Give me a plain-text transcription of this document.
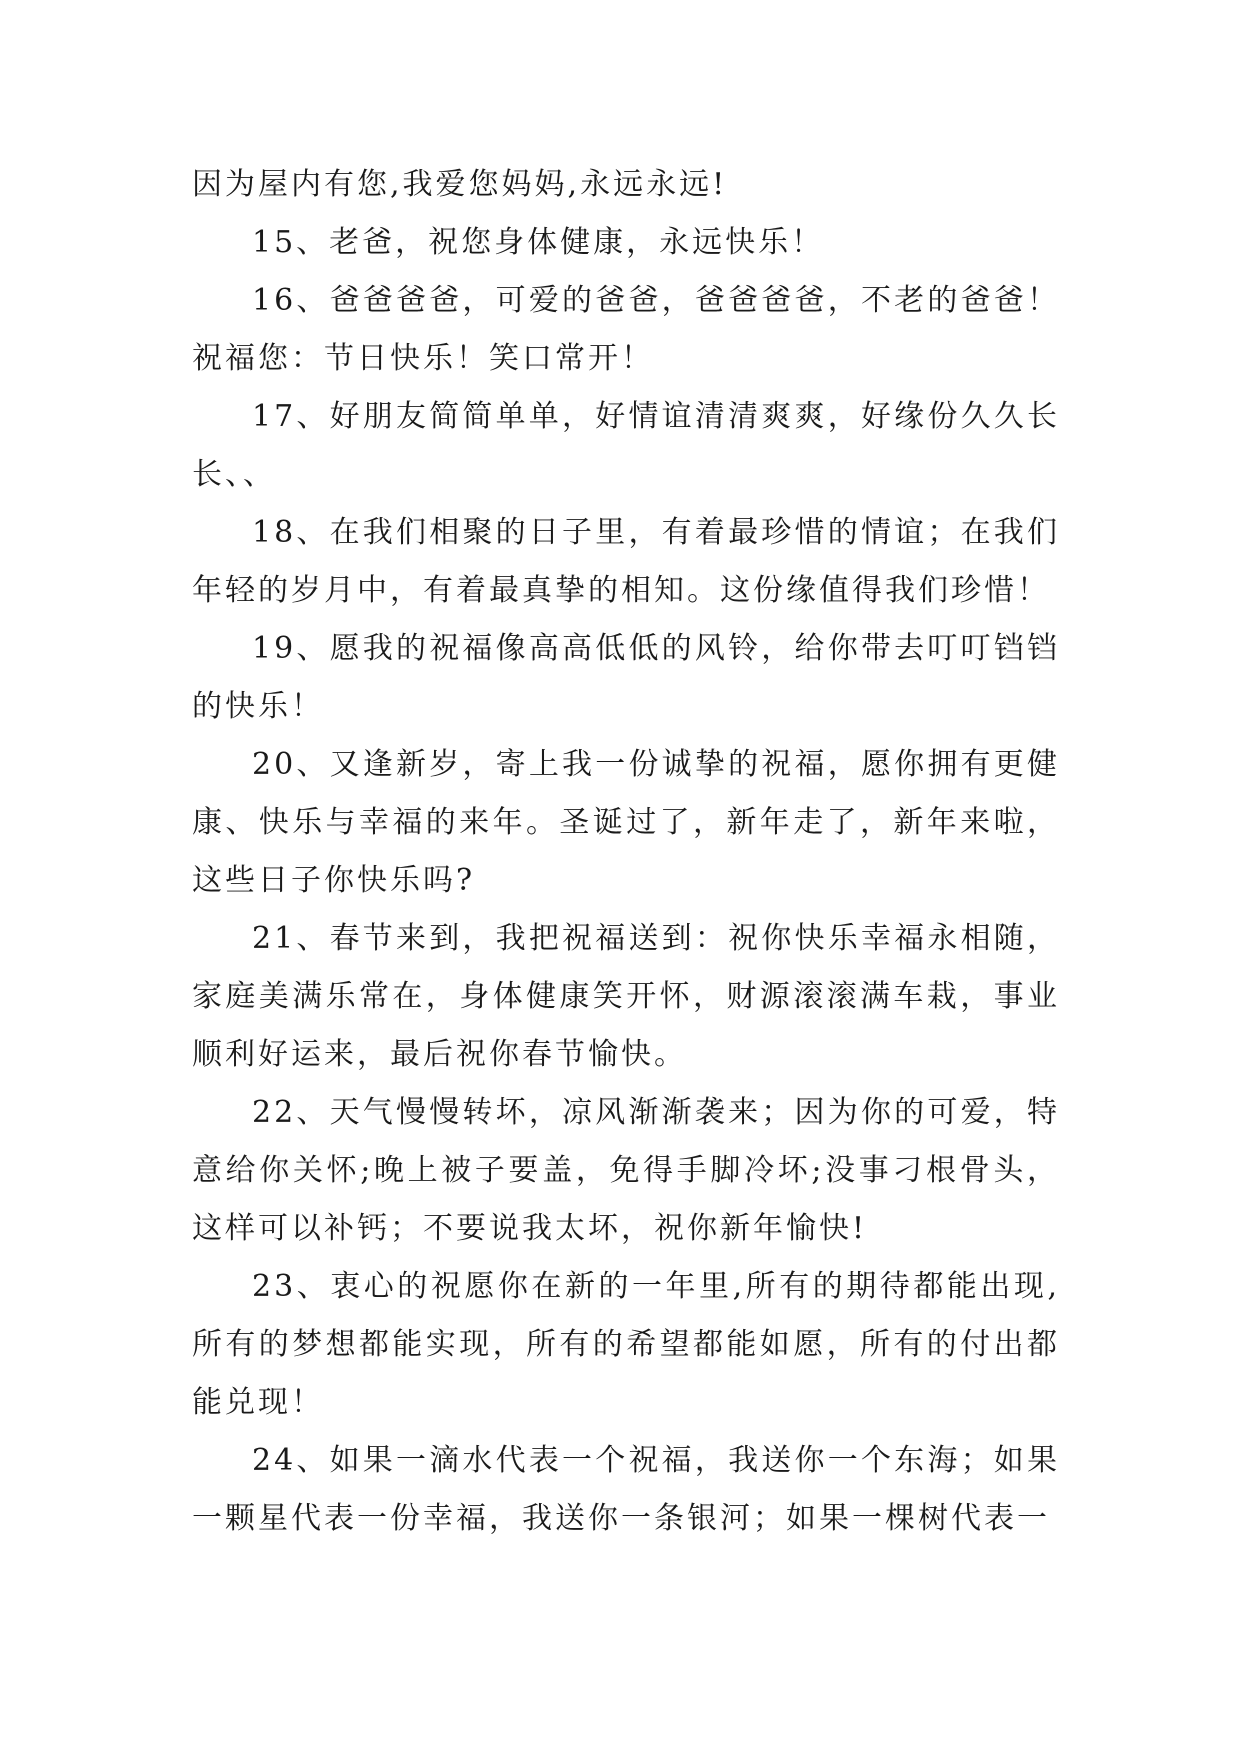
因为屋内有您,我爱您妈妈,永远永远!

15、老爸，祝您身体健康，永远快乐！

16、爸爸爸爸，可爱的爸爸，爸爸爸爸，不老的爸爸！祝福您：节日快乐！笑口常开！

17、好朋友简简单单，好情谊清清爽爽，好缘份久久长长、、

18、在我们相聚的日子里，有着最珍惜的情谊；在我们年轻的岁月中，有着最真挚的相知。这份缘值得我们珍惜！

19、愿我的祝福像高高低低的风铃，给你带去叮叮铛铛的快乐！

20、又逢新岁，寄上我一份诚挚的祝福，愿你拥有更健康、快乐与幸福的来年。圣诞过了，新年走了，新年来啦，这些日子你快乐吗?

21、春节来到，我把祝福送到：祝你快乐幸福永相随，家庭美满乐常在，身体健康笑开怀，财源滚滚满车栽，事业顺利好运来，最后祝你春节愉快。

22、天气慢慢转坏，凉风渐渐袭来；因为你的可爱，特意给你关怀;晚上被子要盖，免得手脚冷坏;没事刁根骨头，这样可以补钙；不要说我太坏，祝你新年愉快!

23、衷心的祝愿你在新的一年里,所有的期待都能出现,所有的梦想都能实现，所有的希望都能如愿，所有的付出都能兑现！

24、如果一滴水代表一个祝福，我送你一个东海；如果一颗星代表一份幸福，我送你一条银河；如果一棵树代表一
